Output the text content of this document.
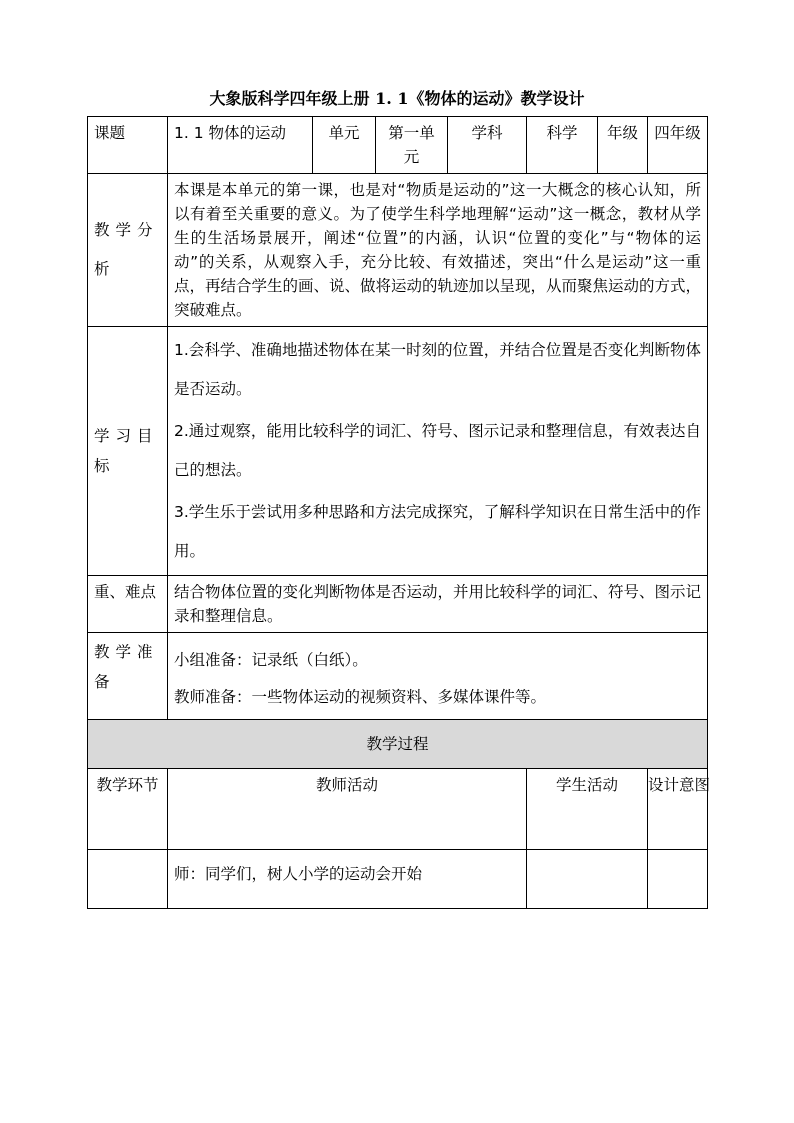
大象版科学四年级上册 1. 1《物体的运动》教学设计
课题	1. 1 物体的运动	单元	第一单元	学科	科学	年级	四年级
教学分析	本课是本单元的第一课，也是对“物质是运动的”这一大概念的核心认知，所以有着至关重要的意义。为了使学生科学地理解“运动”这一概念，教材从学生的生活场景展开，阐述“位置”的内涵，认识“位置的变化”与“物体的运动”的关系，从观察入手，充分比较、有效描述，突出“什么是运动”这一重点，再结合学生的画、说、做将运动的轨迹加以呈现，从而聚焦运动的方式，突破难点。						
学习目标	1.会科学、准确地描述物体在某一时刻的位置，并结合位置是否变化判断物体是否运动。

2.通过观察，能用比较科学的词汇、符号、图示记录和整理信息，有效表达自己的想法。

3.学生乐于尝试用多种思路和方法完成探究，了解科学知识在日常生活中的作用。						

重、难点	结合物体位置的变化判断物体是否运动，并用比较科学的词汇、符号、图示记录和整理信息。						
教学准备	小组准备：记录纸（白纸）。
教师准备：一些物体运动的视频资料、多媒体课件等。						

教学过程							
教学环节	教师活动				学生活动		设计意图
	师：同学们，树人小学的运动会开始						
